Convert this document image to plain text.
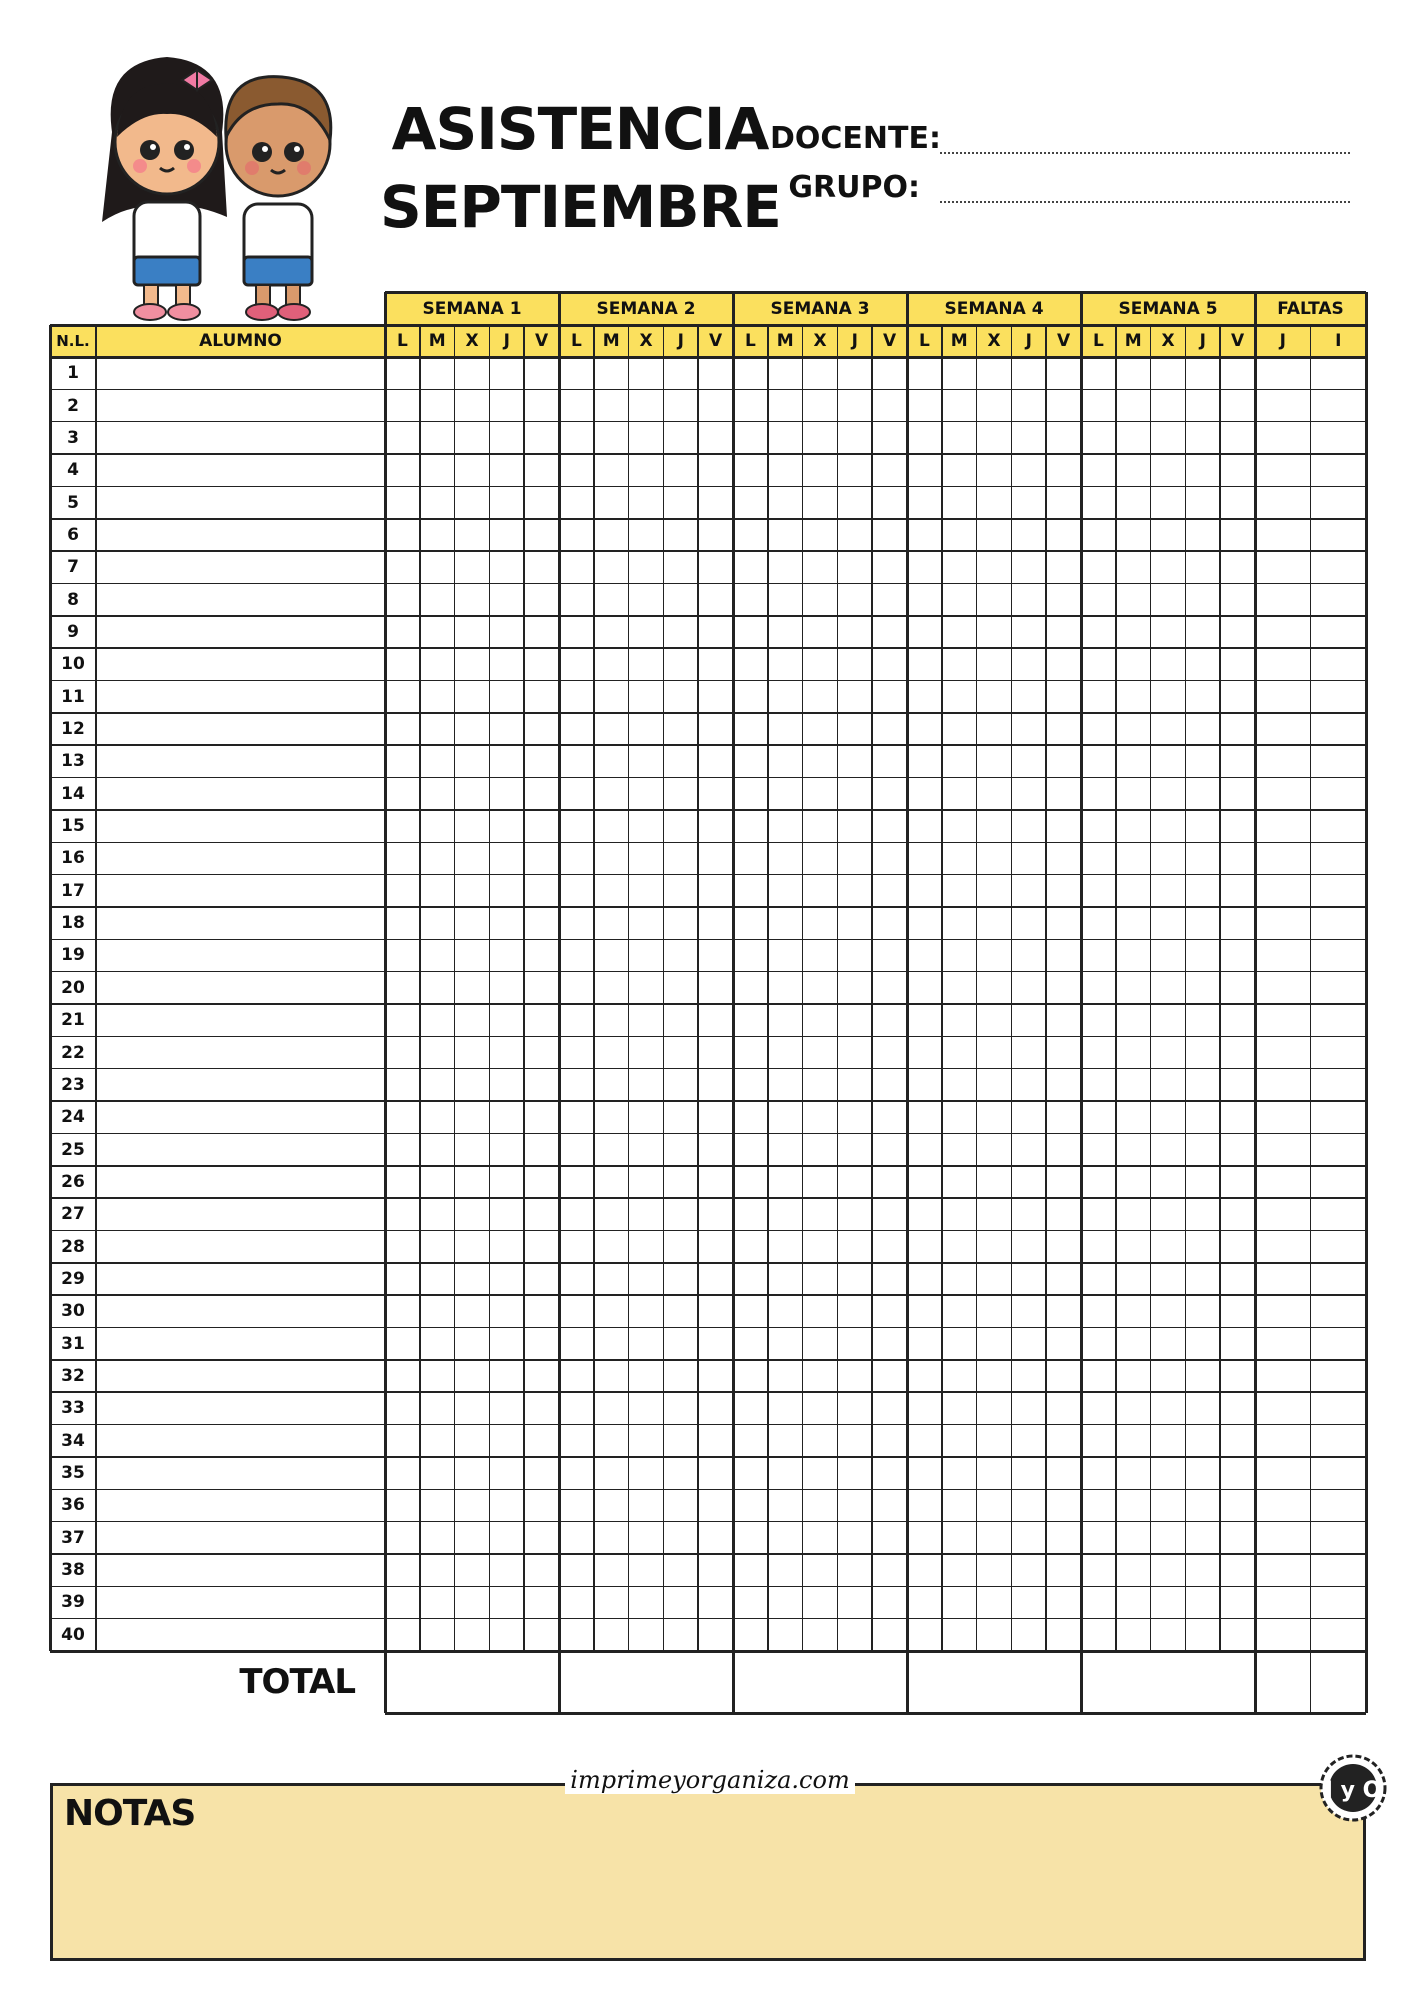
ASISTENCIA
SEPTIEMBRE
DOCENTE:
GRUPO:
SEMANA 1	SEMANA 2	SEMANA 3	SEMANA 4	SEMANA 5	FALTAS
N.L.	ALUMNO	L	M	X	J	V	L	M	X	J	V	L	M	X	J	V	L	M	X	J	V	L	M	X	J	V	J	I
1
2
3
4
5
6
7
8
9
10
11
12
13
14
15
16
17
18
19
20
21
22
23
24
25
26
27
28
29
30
31
32
33
34
35
36
37
38
39
40
TOTAL
NOTAS
imprimeyorganiza.com	I y O
